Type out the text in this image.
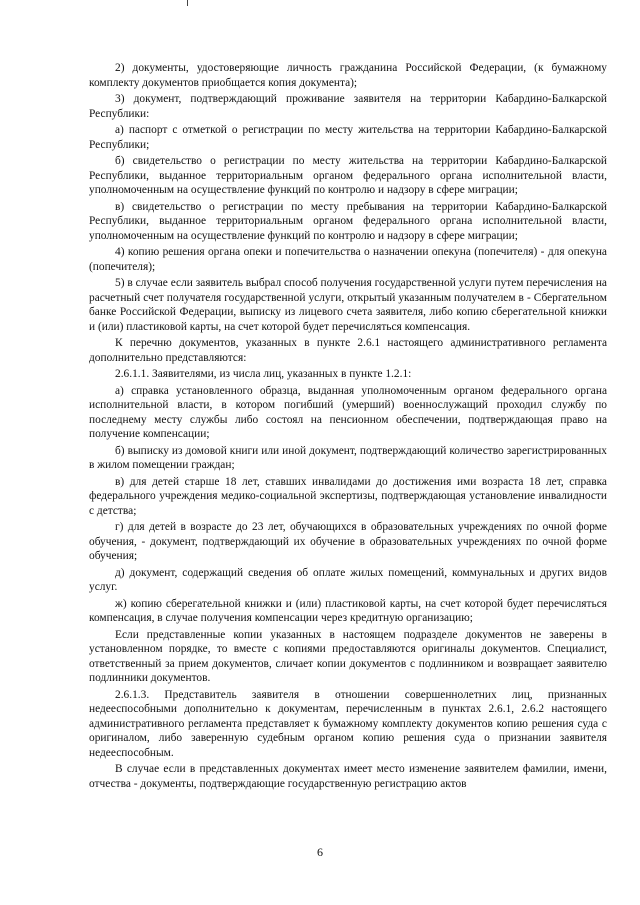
2) документы, удостоверяющие личность гражданина Российской Федерации, (к бумажному комплекту документов приобщается копия документа);

3) документ, подтверждающий проживание заявителя на территории Кабардино-Балкарской Республики:

а) паспорт с отметкой о регистрации по месту жительства на территории Кабардино-Балкарской Республики;

б) свидетельство о регистрации по месту жительства на территории Кабардино-Балкарской Республики, выданное территориальным органом федерального органа исполнительной власти, уполномоченным на осуществление функций по контролю и надзору в сфере миграции;

в) свидетельство о регистрации по месту пребывания на территории Кабардино-Балкарской Республики, выданное территориальным органом федерального органа исполнительной власти, уполномоченным на осуществление функций по контролю и надзору в сфере миграции;

4) копию решения органа опеки и попечительства о назначении опекуна (попечителя) - для опекуна (попечителя);

5) в случае если заявитель выбрал способ получения государственной услуги путем перечисления на расчетный счет получателя государственной услуги, открытый указанным получателем в - Сбергательном банке Российской Федерации, выписку из лицевого счета заявителя, либо копию сберегательной книжки и (или) пластиковой карты, на счет которой будет перечисляться компенсация.

К перечню документов, указанных в пункте 2.6.1 настоящего административного регламента дополнительно представляются:

2.6.1.1. Заявителями, из числа лиц, указанных в пункте 1.2.1:

а) справка установленного образца, выданная уполномоченным органом федерального органа исполнительной власти, в котором погибший (умерший) военнослужащий проходил службу по последнему месту службы либо состоял на пенсионном обеспечении, подтверждающая право на получение компенсации;

б) выписку из домовой книги или иной документ, подтверждающий количество зарегистрированных в жилом помещении граждан;

в) для детей старше 18 лет, ставших инвалидами до достижения ими возраста 18 лет, справка федерального учреждения медико-социальной экспертизы, подтверждающая установление инвалидности с детства;

г) для детей в возрасте до 23 лет, обучающихся в образовательных учреждениях по очной форме обучения, - документ, подтверждающий их обучение в образовательных учреждениях по очной форме обучения;

д) документ, содержащий сведения об оплате жилых помещений, коммунальных и других видов услуг.

ж) копию сберегательной книжки и (или) пластиковой карты, на счет которой будет перечисляться компенсация, в случае получения компенсации через кредитную организацию;

Если представленные копии указанных в настоящем подразделе документов не заверены в установленном порядке, то вместе с копиями предоставляются оригиналы документов. Специалист, ответственный за прием документов, сличает копии документов с подлинником и возвращает заявителю подлинники документов.

2.6.1.3. Представитель заявителя в отношении совершеннолетних лиц, признанных недееспособными дополнительно к документам, перечисленным в пунктах 2.6.1, 2.6.2 настоящего административного регламента представляет к бумажному комплекту документов копию решения суда с оригиналом, либо заверенную судебным органом копию решения суда о признании заявителя недееспособным.

В случае если в представленных документах имеет место изменение заявителем фамилии, имени, отчества - документы, подтверждающие государственную регистрацию актов

6
